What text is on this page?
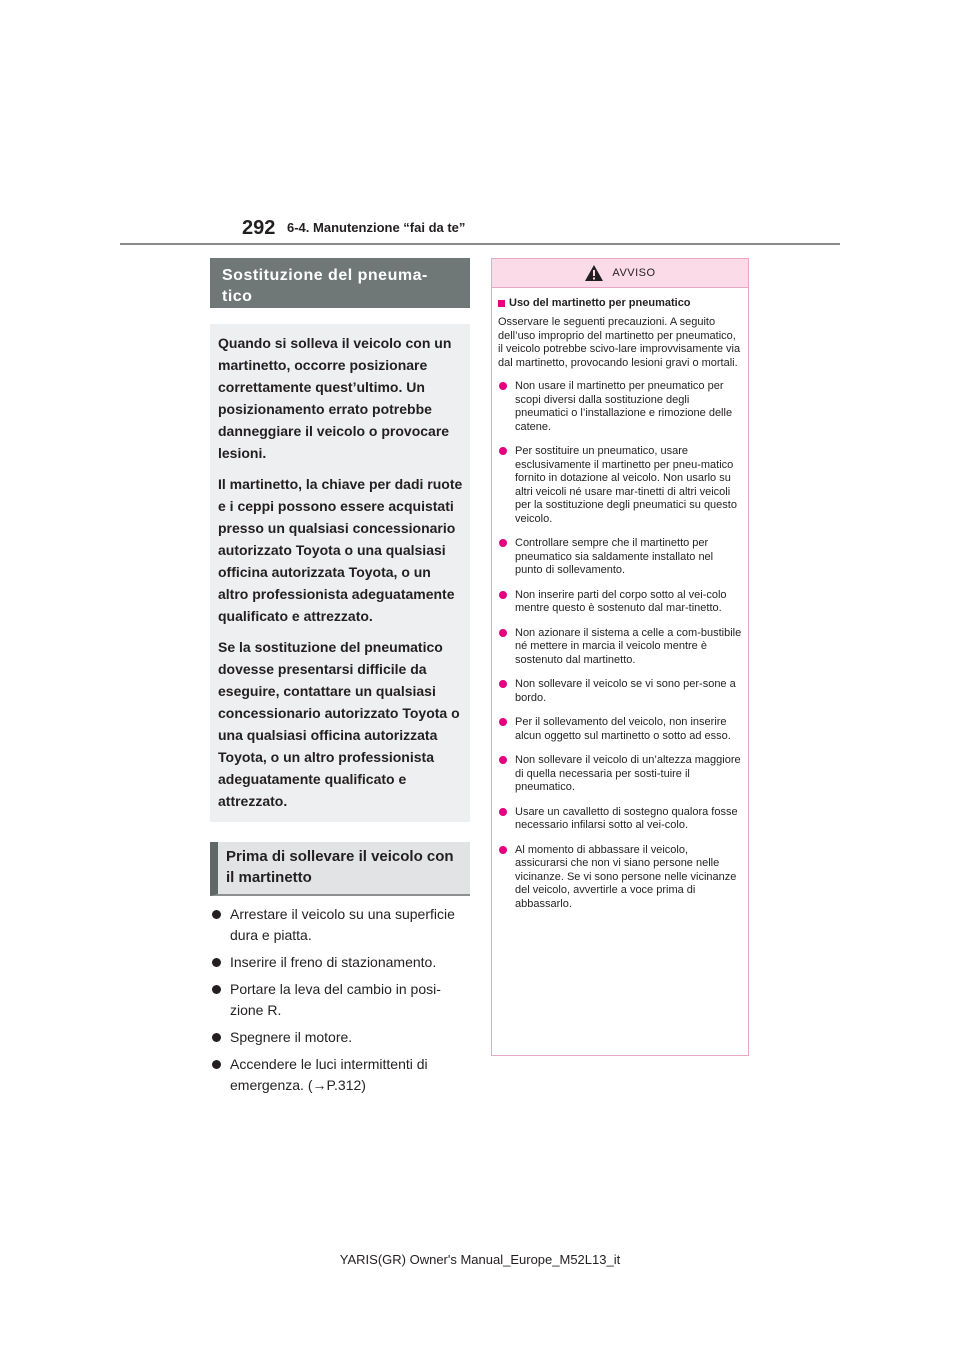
292 6-4. Manutenzione “fai da te”
Sostituzione del pneuma-tico

Quando si solleva il veicolo con un martinetto, occorre posizionare correttamente quest’ultimo. Un posizionamento errato potrebbe danneggiare il veicolo o provocare lesioni.

Il martinetto, la chiave per dadi ruote e i ceppi possono essere acquistati presso un qualsiasi concessionario autorizzato Toyota o una qualsiasi officina autorizzata Toyota, o un altro professionista adeguatamente qualificato e attrezzato.

Se la sostituzione del pneumatico dovesse presentarsi difficile da eseguire, contattare un qualsiasi concessionario autorizzato Toyota o una qualsiasi officina autorizzata Toyota, o un altro professionista adeguatamente qualificato e attrezzato.

Prima di sollevare il veicolo con il martinetto
Arrestare il veicolo su una superficie dura e piatta.
Inserire il freno di stazionamento.
Portare la leva del cambio in posi-zione R.
Spegnere il motore.
Accendere le luci intermittenti di emergenza. (→P.312)
AVVISO
Uso del martinetto per pneumatico
Osservare le seguenti precauzioni. A seguito dell’uso improprio del martinetto per pneumatico, il veicolo potrebbe scivo-lare improvvisamente via dal martinetto, provocando lesioni gravi o mortali.
Non usare il martinetto per pneumatico per scopi diversi dalla sostituzione degli pneumatici o l’installazione e rimozione delle catene.
Per sostituire un pneumatico, usare esclusivamente il martinetto per pneu-matico fornito in dotazione al veicolo. Non usarlo su altri veicoli né usare mar-tinetti di altri veicoli per la sostituzione degli pneumatici su questo veicolo.
Controllare sempre che il martinetto per pneumatico sia saldamente installato nel punto di sollevamento.
Non inserire parti del corpo sotto al vei-colo mentre questo è sostenuto dal mar-tinetto.
Non azionare il sistema a celle a com-bustibile né mettere in marcia il veicolo mentre è sostenuto dal martinetto.
Non sollevare il veicolo se vi sono per-sone a bordo.
Per il sollevamento del veicolo, non inserire alcun oggetto sul martinetto o sotto ad esso.
Non sollevare il veicolo di un’altezza maggiore di quella necessaria per sosti-tuire il pneumatico.
Usare un cavalletto di sostegno qualora fosse necessario infilarsi sotto al vei-colo.
Al momento di abbassare il veicolo, assicurarsi che non vi siano persone nelle vicinanze. Se vi sono persone nelle vicinanze del veicolo, avvertirle a voce prima di abbassarlo.
YARIS(GR) Owner's Manual_Europe_M52L13_it
